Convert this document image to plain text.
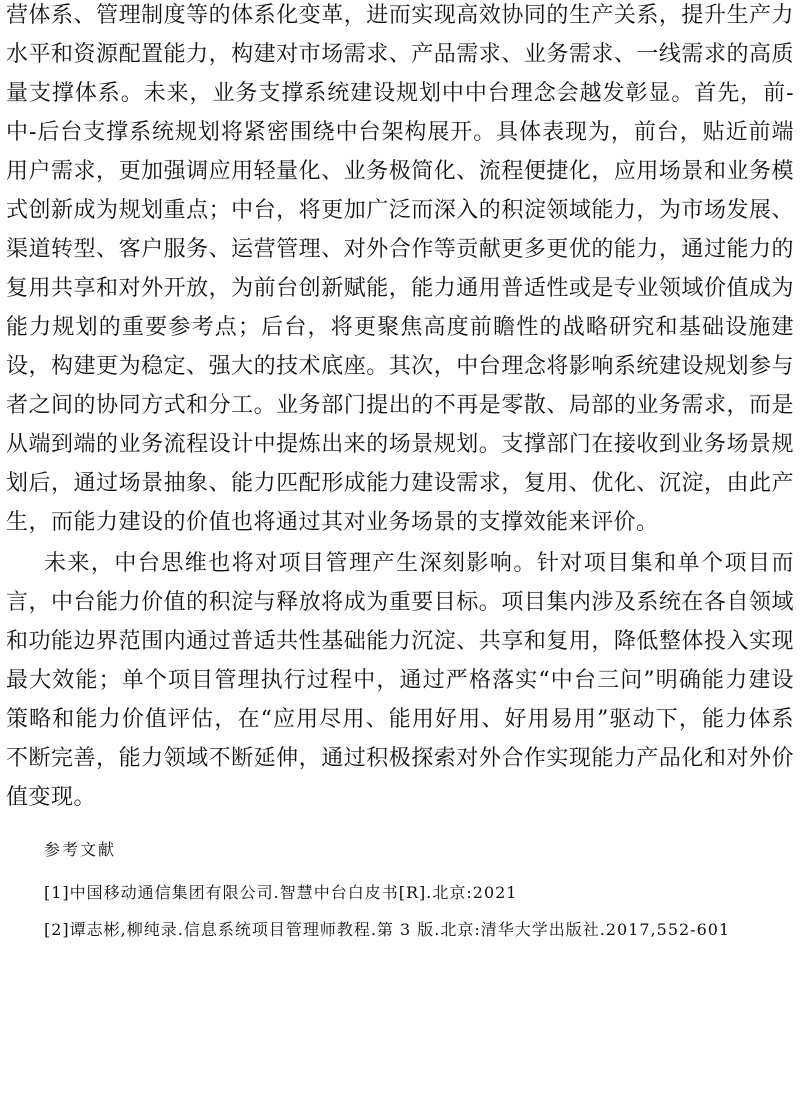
营体系、管理制度等的体系化变革，进而实现高效协同的生产关系，提升生产力水平和资源配置能力，构建对市场需求、产品需求、业务需求、一线需求的高质量支撑体系。未来，业务支撑系统建设规划中中台理念会越发彰显。首先，前-中-后台支撑系统规划将紧密围绕中台架构展开。具体表现为，前台，贴近前端用户需求，更加强调应用轻量化、业务极简化、流程便捷化，应用场景和业务模式创新成为规划重点；中台，将更加广泛而深入的积淀领域能力，为市场发展、渠道转型、客户服务、运营管理、对外合作等贡献更多更优的能力，通过能力的复用共享和对外开放，为前台创新赋能，能力通用普适性或是专业领域价值成为能力规划的重要参考点；后台，将更聚焦高度前瞻性的战略研究和基础设施建设，构建更为稳定、强大的技术底座。其次，中台理念将影响系统建设规划参与者之间的协同方式和分工。业务部门提出的不再是零散、局部的业务需求，而是从端到端的业务流程设计中提炼出来的场景规划。支撑部门在接收到业务场景规划后，通过场景抽象、能力匹配形成能力建设需求，复用、优化、沉淀，由此产生，而能力建设的价值也将通过其对业务场景的支撑效能来评价。

未来，中台思维也将对项目管理产生深刻影响。针对项目集和单个项目而言，中台能力价值的积淀与释放将成为重要目标。项目集内涉及系统在各自领域和功能边界范围内通过普适共性基础能力沉淀、共享和复用，降低整体投入实现最大效能；单个项目管理执行过程中，通过严格落实“中台三问”明确能力建设策略和能力价值评估，在“应用尽用、能用好用、好用易用”驱动下，能力体系不断完善，能力领域不断延伸，通过积极探索对外合作实现能力产品化和对外价值变现。

参考文献

[1]中国移动通信集团有限公司.智慧中台白皮书[R].北京:2021

[2]谭志彬,柳纯录.信息系统项目管理师教程.第 3 版.北京:清华大学出版社.2017,552-601
